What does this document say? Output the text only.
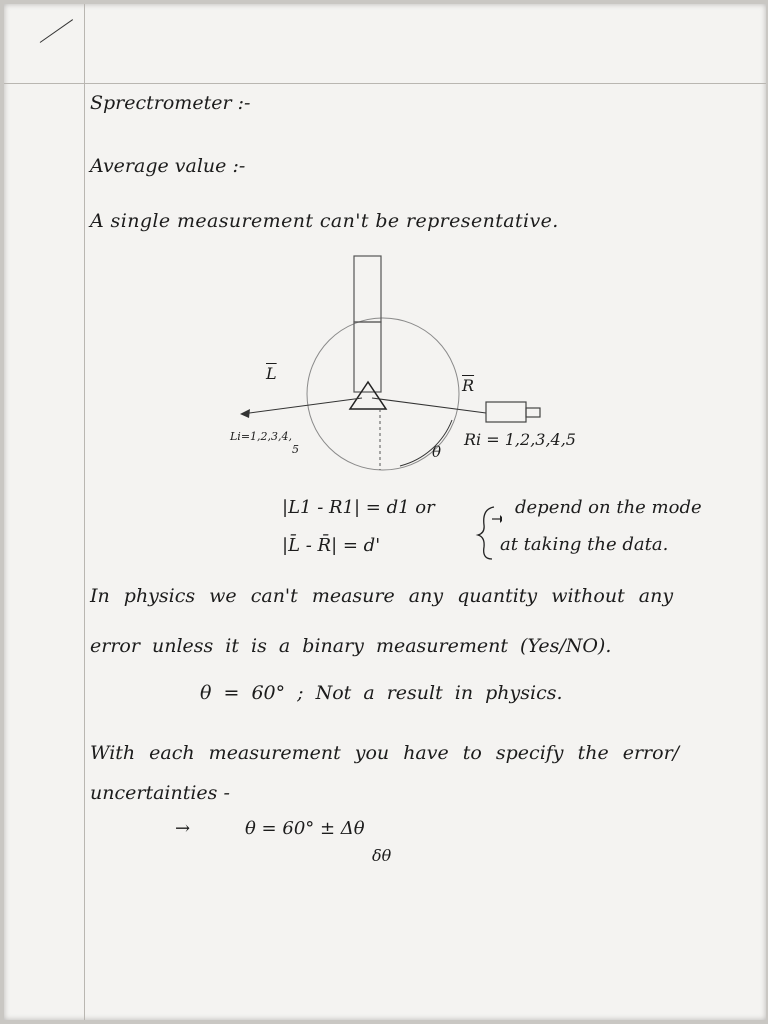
Sprectrometer :-
Average value :-
A single measurement can't be representative.
$\overline{L}$
$\overline{R}$
θ
Li=1,2,3,4,
5
Ri = 1,2,3,4,5
|L1 - R1| = d1 or
|L̄ - R̄| = d'
depend on the mode
at taking the data.
In physics we can't measure any quantity without any
error unless it is a binary measurement (Yes/NO).
θ = 60° ; Not a result in physics.
With each measurement you have to specify the error/
uncertainties -
→	θ = 60° ± Δθ
δθ
